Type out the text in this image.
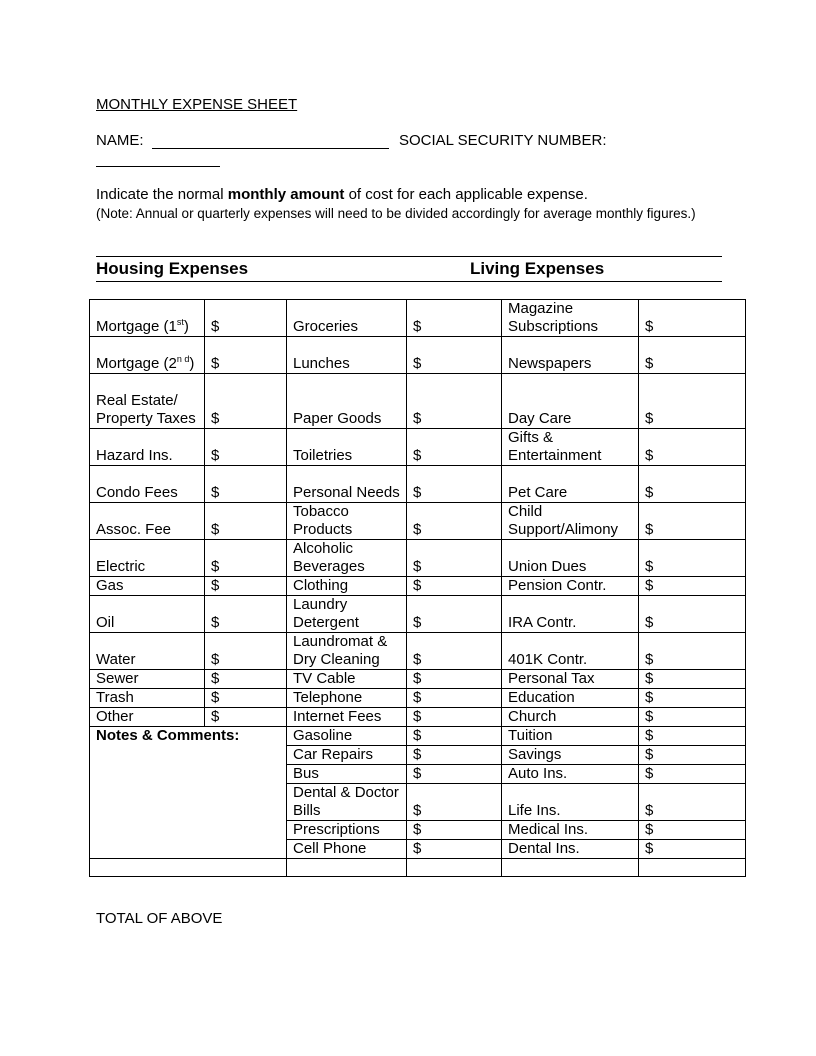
MONTHLY EXPENSE SHEET
NAME:	SOCIAL SECURITY NUMBER:
Indicate the normal monthly amount of cost for each applicable expense.
(Note: Annual or quarterly expenses will need to be divided accordingly for average monthly figures.)
Housing Expenses	Living Expenses
Mortgage (1st)	$	Groceries	$	Magazine Subscriptions	$
Mortgage $(2^{n d})$	$	Lunches	$	Newspapers	$
Real Estate/ Property Taxes	$	Paper Goods	$	Day Care	$
Hazard Ins.	$	Toiletries	$	Gifts & Entertainment	$
Condo Fees	$	Personal Needs	$	Pet Care	$
Assoc. Fee	$	Tobacco Products	$	Child Support/Alimony	$
Electric	$	Alcoholic Beverages	$	Union Dues	$
Gas	$	Clothing	$	Pension Contr.	$
Oil	$	Laundry Detergent	$	IRA Contr.	$
Water	$	Laundromat & Dry Cleaning	$	401K Contr.	$
Sewer	$	TV Cable	$	Personal Tax	$
Trash	$	Telephone	$	Education	$
Other	$	Internet Fees	$	Church	$
Notes & Comments:		Gasoline	$	Tuition	$
		Car Repairs	$	Savings	$
		Bus	$	Auto Ins.	$
		Dental & Doctor Bills	$	Life Ins.	$
		Prescriptions	$	Medical Ins.	$
		Cell Phone	$	Dental Ins.	$

TOTAL OF ABOVE
